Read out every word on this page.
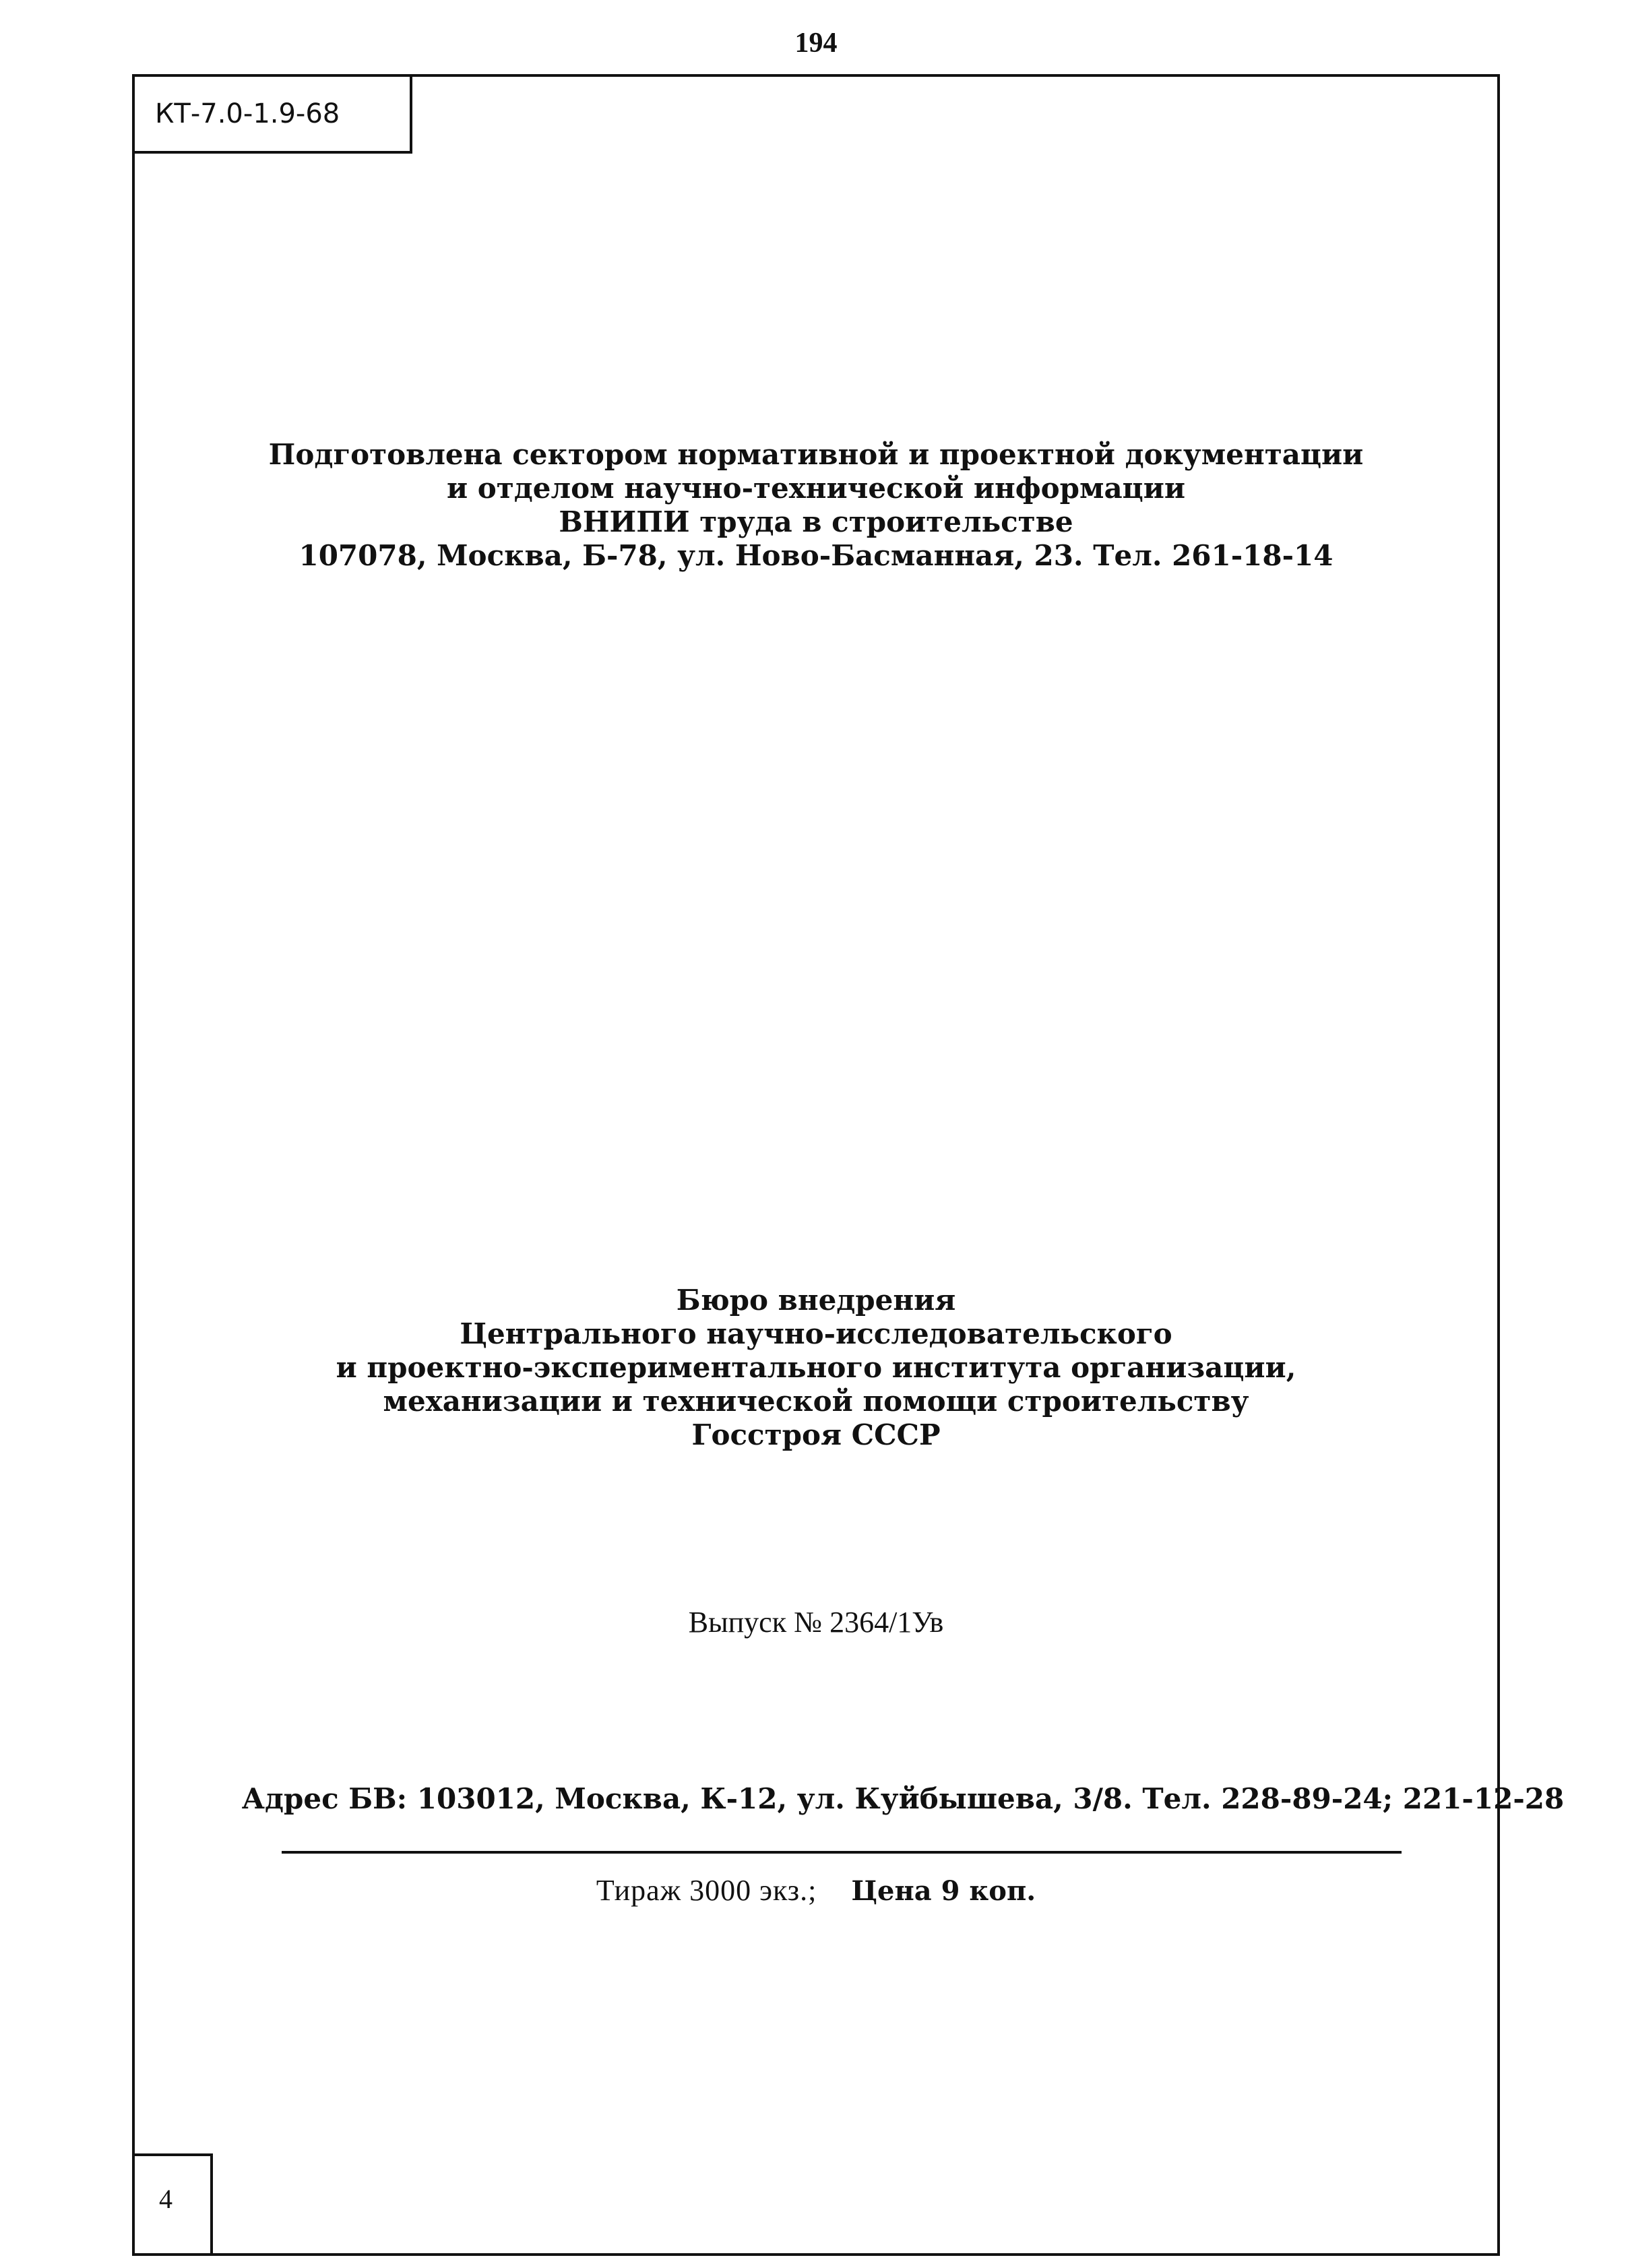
194
КТ-7.0-1.9-68
Подготовлена сектором нормативной и проектной документации
и отделом научно-технической информации
ВНИПИ труда в строительстве
107078, Москва, Б-78, ул. Ново-Басманная, 23. Тел. 261-18-14
Бюро внедрения
Центрального научно-исследовательского
и проектно-экспериментального института организации,
механизации и технической помощи строительству
Госстроя СССР
Выпуск № 2364/1Ув
Адрес БВ: 103012, Москва, К-12, ул. Куйбышева, 3/8. Тел. 228-89-24; 221-12-28
Тираж 3000 экз.; Цена 9 коп.
4
